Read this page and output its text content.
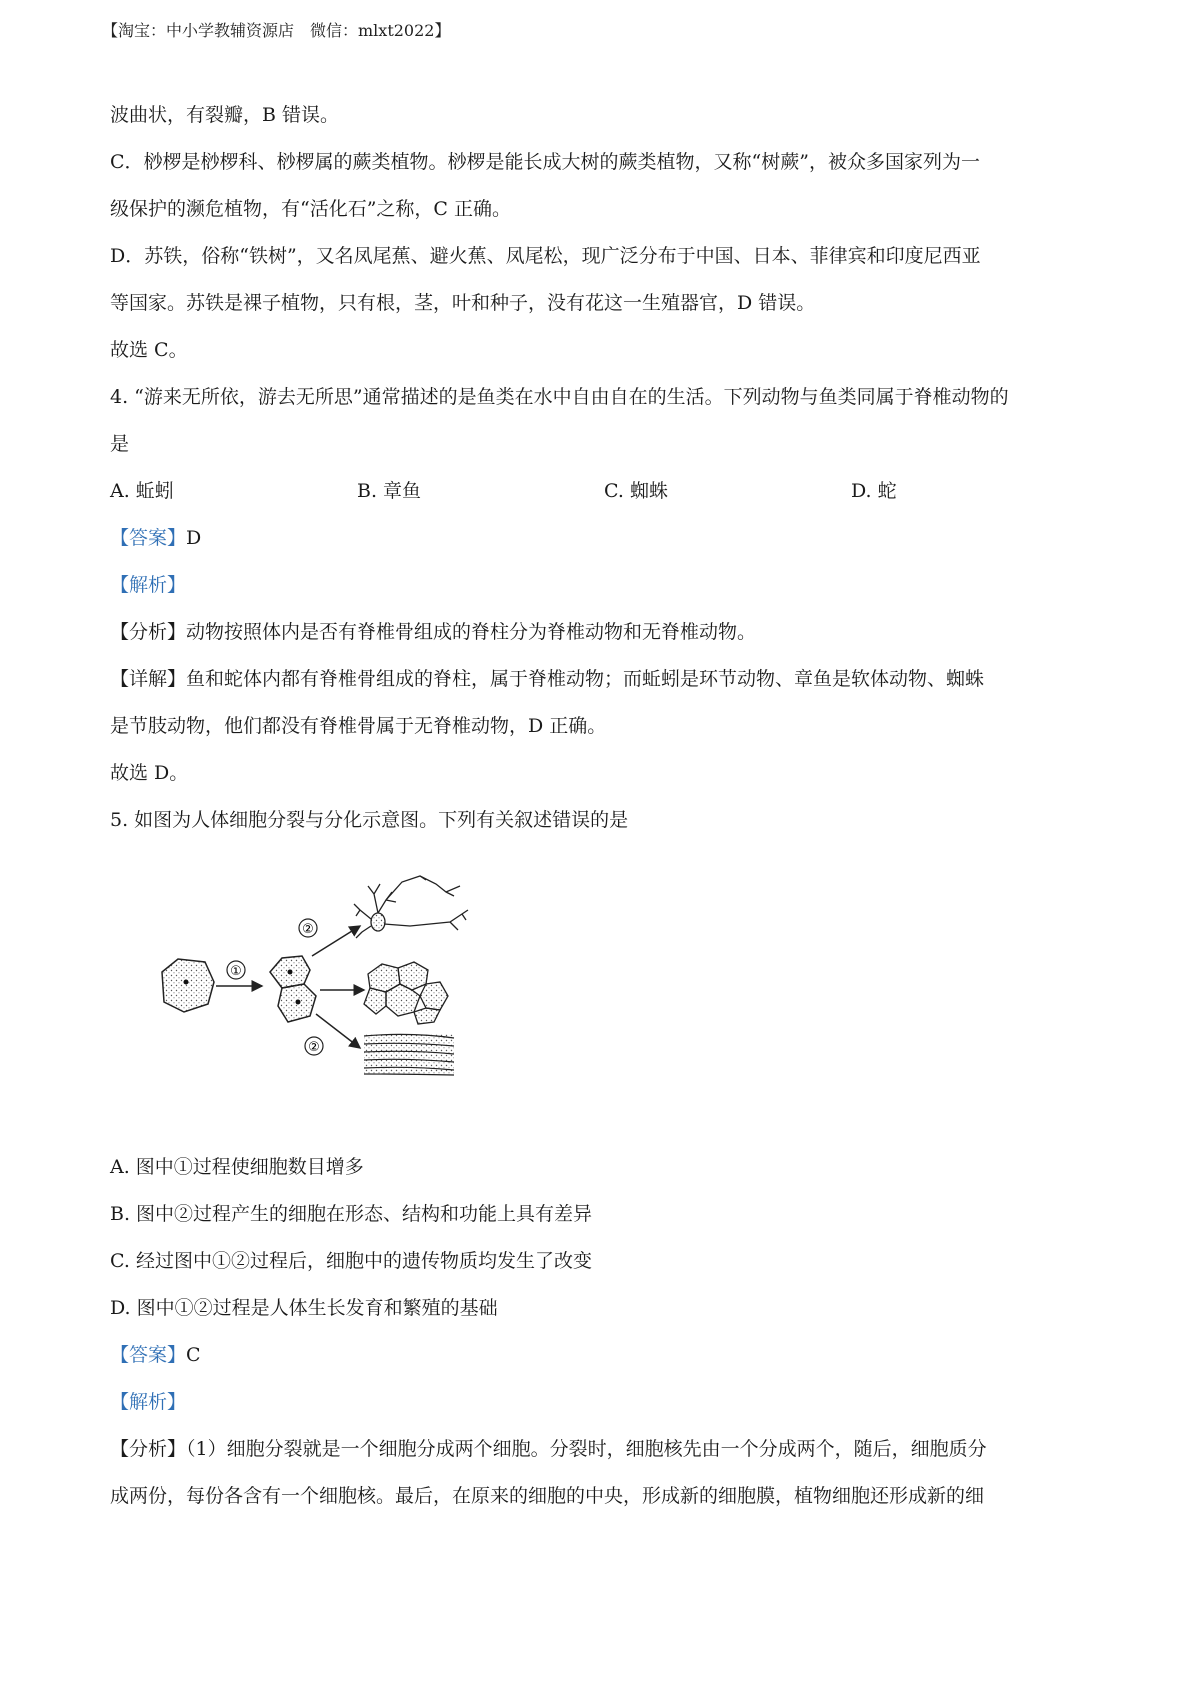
【淘宝：中小学教辅资源店　微信：mlxt2022】

波曲状，有裂瓣，B 错误。

C．桫椤是桫椤科、桫椤属的蕨类植物。桫椤是能长成大树的蕨类植物，又称“树蕨”，被众多国家列为一

级保护的濒危植物，有“活化石”之称，C 正确。

D．苏铁，俗称“铁树”，又名凤尾蕉、避火蕉、凤尾松，现广泛分布于中国、日本、菲律宾和印度尼西亚

等国家。苏铁是裸子植物，只有根，茎，叶和种子，没有花这一生殖器官，D 错误。

故选 C。

4. “游来无所依，游去无所思”通常描述的是鱼类在水中自由自在的生活。下列动物与鱼类同属于脊椎动物的

是

A. 蚯蚓	B. 章鱼	C. 蜘蛛	D. 蛇

【答案】D

【解析】

【分析】动物按照体内是否有脊椎骨组成的脊柱分为脊椎动物和无脊椎动物。

【详解】鱼和蛇体内都有脊椎骨组成的脊柱，属于脊椎动物；而蚯蚓是环节动物、章鱼是软体动物、蜘蛛

是节肢动物，他们都没有脊椎骨属于无脊椎动物，D 正确。

故选 D。

5. 如图为人体细胞分裂与分化示意图。下列有关叙述错误的是

①
②
②

A. 图中①过程使细胞数目增多

B. 图中②过程产生的细胞在形态、结构和功能上具有差异

C. 经过图中①②过程后，细胞中的遗传物质均发生了改变

D. 图中①②过程是人体生长发育和繁殖的基础

【答案】C

【解析】

【分析】（1）细胞分裂就是一个细胞分成两个细胞。分裂时，细胞核先由一个分成两个，随后，细胞质分

成两份，每份各含有一个细胞核。最后，在原来的细胞的中央，形成新的细胞膜，植物细胞还形成新的细
